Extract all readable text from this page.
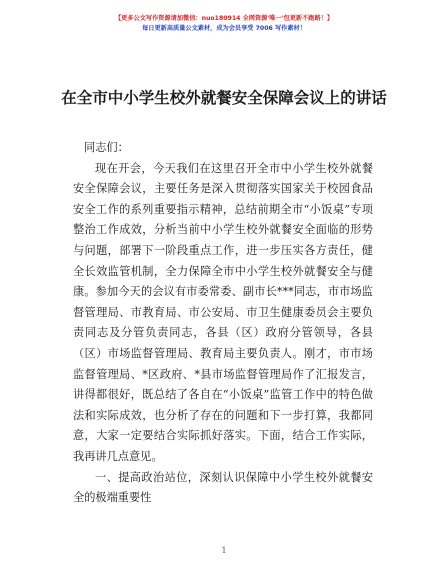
【更多公文写作资源请加微信：nuo180914 全网资源'唯一'包更新不跑路！】
每日更新高质量公文素材，成为会员享受 7006 写作素材！
在全市中小学生校外就餐安全保障会议上的讲话

同志们：

现在开会，今天我们在这里召开全市中小学生校外就餐安全保障会议，主要任务是深入贯彻落实国家关于校园食品安全工作的系列重要指示精神，总结前期全市“小饭桌”专项整治工作成效，分析当前中小学生校外就餐安全面临的形势与问题，部署下一阶段重点工作，进一步压实各方责任，健全长效监管机制，全力保障全市中小学生校外就餐安全与健康。参加今天的会议有市委常委、副市长***同志，市市场监督管理局、市教育局、市公安局、市卫生健康委员会主要负责同志及分管负责同志，各县（区）政府分管领导，各县（区）市场监督管理局、教育局主要负责人。刚才，市市场监督管理局、*区政府、*县市场监督管理局作了汇报发言，讲得都很好，既总结了各自在“小饭桌”监管工作中的特色做法和实际成效，也分析了存在的问题和下一步打算，我都同意，大家一定要结合实际抓好落实。下面，结合工作实际，我再讲几点意见。

一、提高政治站位，深刻认识保障中小学生校外就餐安全的极端重要性

1
